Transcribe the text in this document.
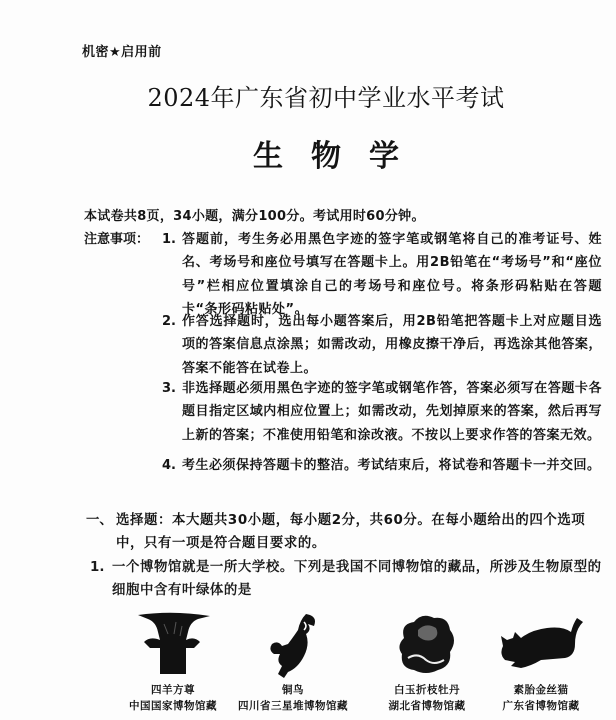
机密★启用前
2024年广东省初中学业水平考试
生物学
本试卷共8页，34小题，满分100分。考试用时60分钟。
注意事项： 1. 答题前，考生务必用黑色字迹的签字笔或钢笔将自己的准考证号、姓名、考场号和座位号填写在答题卡上。用2B铅笔在“考场号”和“座位号”栏相应位置填涂自己的考场号和座位号。将条形码粘贴在答题卡“条形码粘贴处”。
2. 作答选择题时，选出每小题答案后，用2B铅笔把答题卡上对应题目选项的答案信息点涂黑；如需改动，用橡皮擦干净后，再选涂其他答案，答案不能答在试卷上。
3. 非选择题必须用黑色字迹的签字笔或钢笔作答，答案必须写在答题卡各题目指定区域内相应位置上；如需改动，先划掉原来的答案，然后再写上新的答案；不准使用铅笔和涂改液。不按以上要求作答的答案无效。
4. 考生必须保持答题卡的整洁。考试结束后，将试卷和答题卡一并交回。
一、 选择题：本大题共30小题，每小题2分，共60分。在每小题给出的四个选项中，只有一项是符合题目要求的。
1. 一个博物馆就是一所大学校。下列是我国不同博物馆的藏品，所涉及生物原型的细胞中含有叶绿体的是
四羊方尊
中国国家博物馆藏
铜鸟
四川省三星堆博物馆藏
白玉折枝牡丹
湖北省博物馆藏
素胎金丝猫
广东省博物馆藏
